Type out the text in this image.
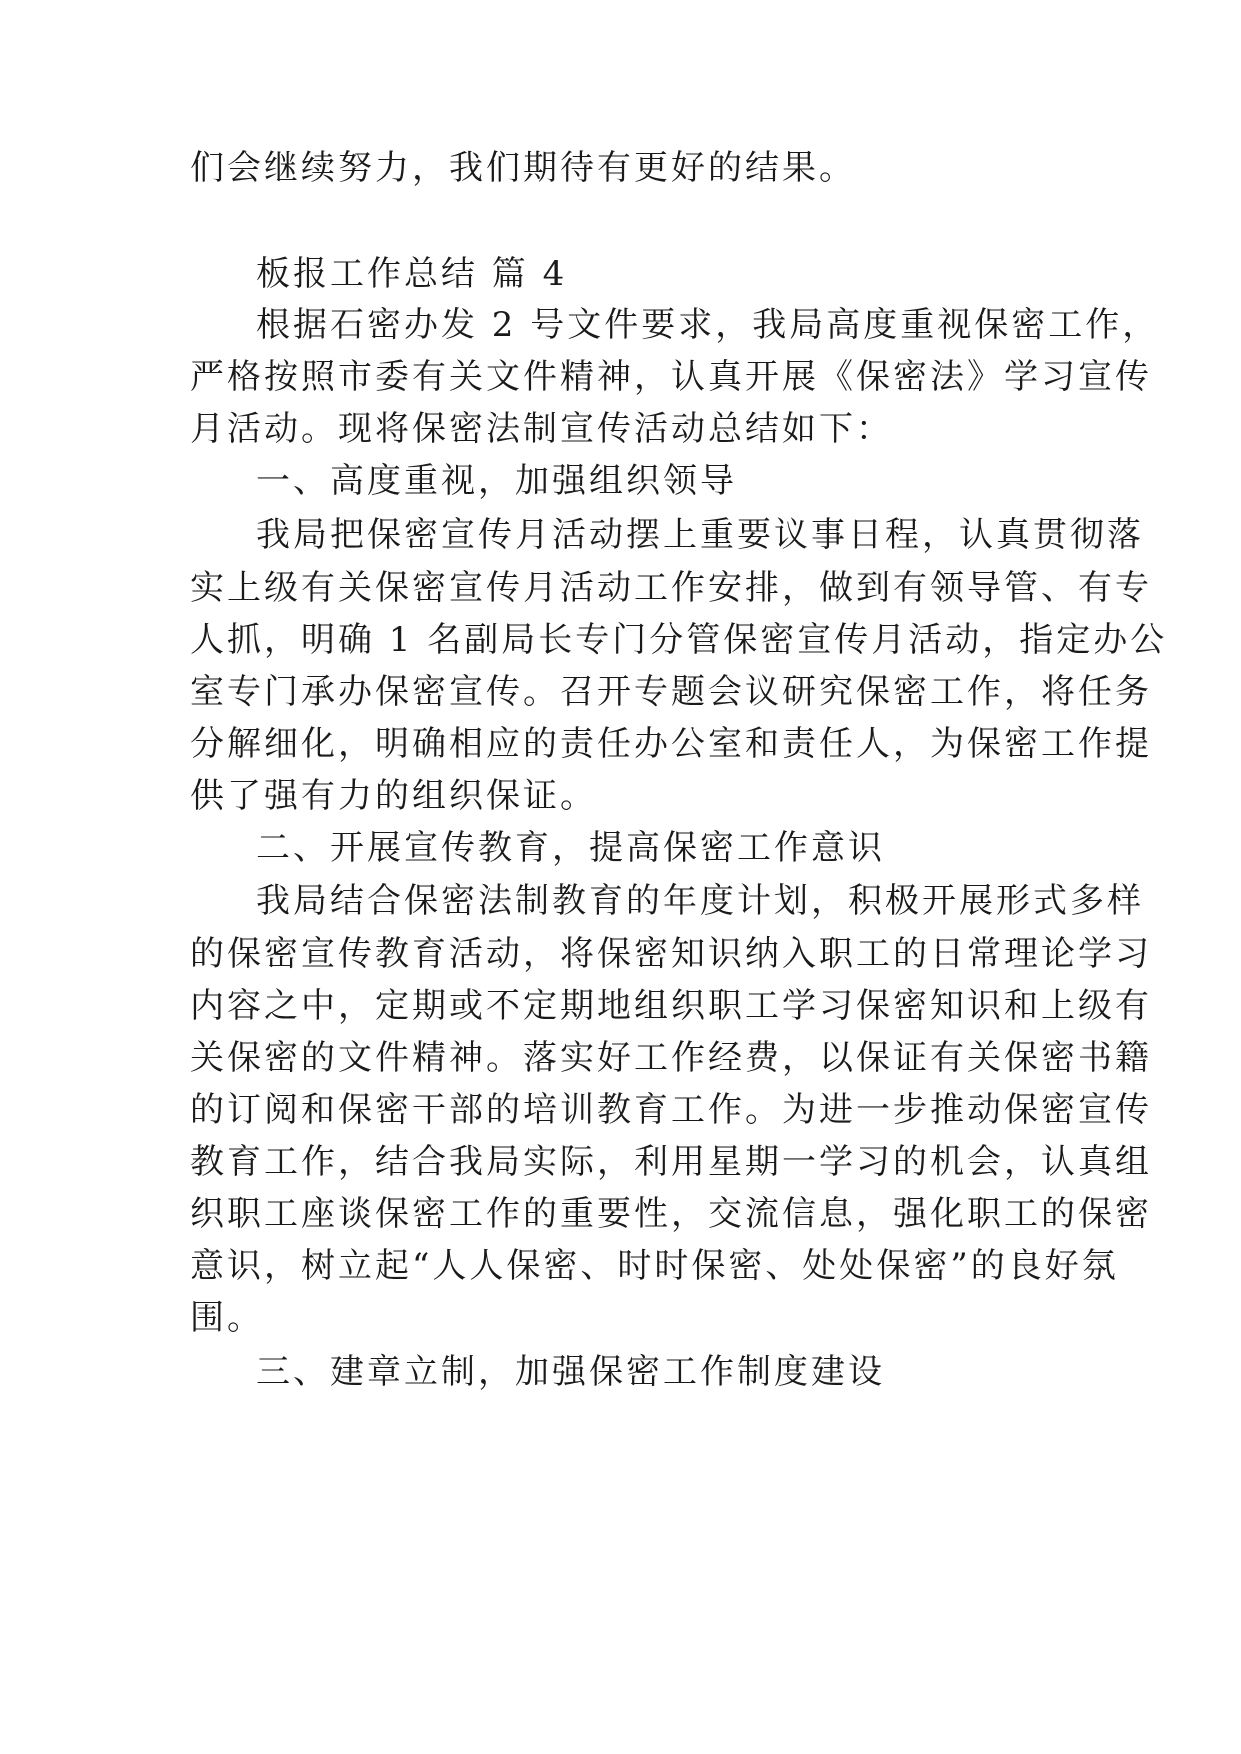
们会继续努力，我们期待有更好的结果。
板报工作总结 篇 4
根据石密办发 2 号文件要求，我局高度重视保密工作，
严格按照市委有关文件精神，认真开展《保密法》学习宣传
月活动。现将保密法制宣传活动总结如下：
一、高度重视，加强组织领导
我局把保密宣传月活动摆上重要议事日程，认真贯彻落
实上级有关保密宣传月活动工作安排，做到有领导管、有专
人抓，明确 1 名副局长专门分管保密宣传月活动，指定办公
室专门承办保密宣传。召开专题会议研究保密工作，将任务
分解细化，明确相应的责任办公室和责任人，为保密工作提
供了强有力的组织保证。
二、开展宣传教育，提高保密工作意识
我局结合保密法制教育的年度计划，积极开展形式多样
的保密宣传教育活动，将保密知识纳入职工的日常理论学习
内容之中，定期或不定期地组织职工学习保密知识和上级有
关保密的文件精神。落实好工作经费，以保证有关保密书籍
的订阅和保密干部的培训教育工作。为进一步推动保密宣传
教育工作，结合我局实际，利用星期一学习的机会，认真组
织职工座谈保密工作的重要性，交流信息，强化职工的保密
意识，树立起“人人保密、时时保密、处处保密”的良好氛
围。
三、建章立制，加强保密工作制度建设
